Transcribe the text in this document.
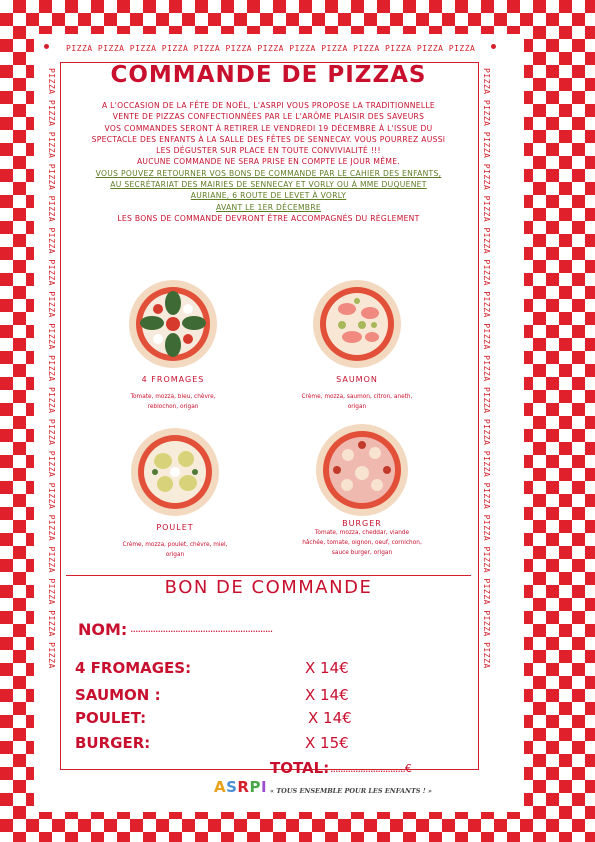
PIZZA PIZZA PIZZA PIZZA PIZZA PIZZA PIZZA PIZZA PIZZA PIZZA PIZZA PIZZA PIZZA
PIZZA PIZZA PIZZA PIZZA PIZZA PIZZA PIZZA PIZZA PIZZA PIZZA PIZZA PIZZA PIZZA PIZZA PIZZA PIZZA PIZZA PIZZA PIZZA	PIZZA PIZZA PIZZA PIZZA PIZZA PIZZA PIZZA PIZZA PIZZA PIZZA PIZZA PIZZA PIZZA PIZZA PIZZA PIZZA PIZZA PIZZA PIZZA
COMMANDE DE PIZZAS

A L'OCCASION DE LA FÊTE DE NOËL, L'ASRPI VOUS PROPOSE LA TRADITIONNELLE

VENTE DE PIZZAS CONFECTIONNÉES PAR LE L'ARÔME PLAISIR DES SAVEURS

VOS COMMANDES SERONT À RETIRER LE VENDREDI 19 DÉCEMBRE À L'ISSUE DU

SPECTACLE DES ENFANTS À LA SALLE DES FÊTES DE SENNECAY. VOUS POURREZ AUSSI

LES DÉGUSTER SUR PLACE EN TOUTE CONVIVIALITÉ !!!

AUCUNE COMMANDE NE SERA PRISE EN COMPTE LE JOUR MÊME.

VOUS POUVEZ RETOURNER VOS BONS DE COMMANDE PAR LE CAHIER DES ENFANTS,

AU SECRÉTARIAT DES MAIRIES DE SENNECAY ET VORLY OU À MME DUQUENET

AURIANE, 6 ROUTE DE LEVET À VORLY

AVANT LE 1ER DÉCEMBRE

LES BONS DE COMMANDE DEVRONT ÊTRE ACCOMPAGNÉS DU RÈGLEMENT

4 FROMAGES
Tomate, mozza, bleu, chèvre,
reblochon, origan
SAUMON
Crème, mozza, saumon, citron, aneth,
origan
POULET
Crème, mozza, poulet, chèvre, miel,
origan
BURGER
Tomate, mozza, cheddar, viande
hâchée, tomate, oignon, oeuf, cornichon,
sauce burger, origan
BON DE COMMANDE
NOM: .........................................................
4 FROMAGES:	X 14€
SAUMON :	X 14€
POULET:	X 14€
BURGER:	X 15€
TOTAL: ..............................€
ASRPI « TOUS ENSEMBLE POUR LES ENFANTS ! »
